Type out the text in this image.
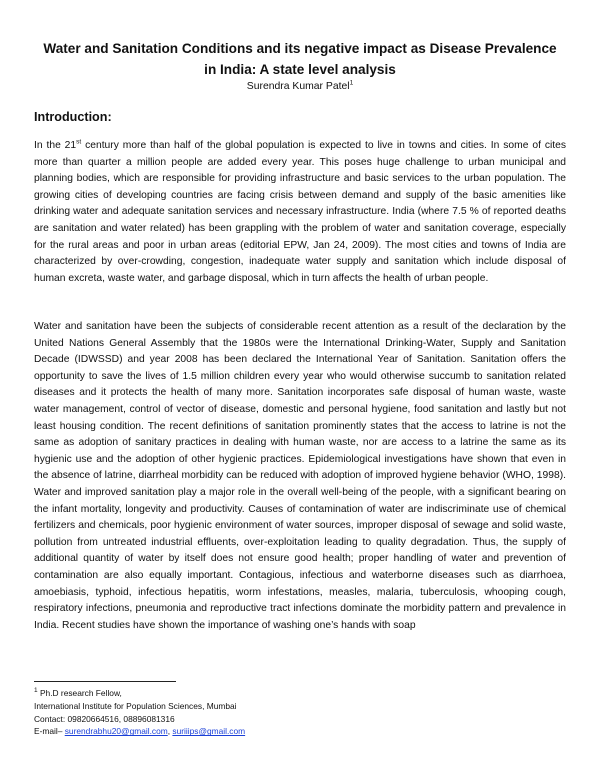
Water and Sanitation Conditions and its negative impact as Disease Prevalence
in India: A state level analysis
Surendra Kumar Patel$^1$
Introduction:

In the 21st century more than half of the global population is expected to live in towns and cities. In some of cites more than quarter a million people are added every year. This poses huge challenge to urban municipal and planning bodies, which are responsible for providing infrastructure and basic services to the urban population. The growing cities of developing countries are facing crisis between demand and supply of the basic amenities like drinking water and adequate sanitation services and necessary infrastructure. India (where 7.5 % of reported deaths are sanitation and water related) has been grappling with the problem of water and sanitation coverage, especially for the rural areas and poor in urban areas (editorial EPW, Jan 24, 2009). The most cities and towns of India are characterized by over-crowding, congestion, inadequate water supply and sanitation which include disposal of human excreta, waste water, and garbage disposal, which in turn affects the health of urban people.

Water and sanitation have been the subjects of considerable recent attention as a result of the declaration by the United Nations General Assembly that the 1980s were the International Drinking-Water, Supply and Sanitation Decade (IDWSSD) and year 2008 has been declared the International Year of Sanitation. Sanitation offers the opportunity to save the lives of 1.5 million children every year who would otherwise succumb to sanitation related diseases and it protects the health of many more. Sanitation incorporates safe disposal of human waste, waste water management, control of vector of disease, domestic and personal hygiene, food sanitation and lastly but not least housing condition. The recent definitions of sanitation prominently states that the access to latrine is not the same as adoption of sanitary practices in dealing with human waste, nor are access to a latrine the same as its hygienic use and the adoption of other hygienic practices. Epidemiological investigations have shown that even in the absence of latrine, diarrheal morbidity can be reduced with adoption of improved hygiene behavior (WHO, 1998). Water and improved sanitation play a major role in the overall well-being of the people, with a significant bearing on the infant mortality, longevity and productivity. Causes of contamination of water are indiscriminate use of chemical fertilizers and chemicals, poor hygienic environment of water sources, improper disposal of sewage and solid waste, pollution from untreated industrial effluents, over-exploitation leading to quality degradation. Thus, the supply of additional quantity of water by itself does not ensure good health; proper handling of water and prevention of contamination are also equally important. Contagious, infectious and waterborne diseases such as diarrhoea, amoebiasis, typhoid, infectious hepatitis, worm infestations, measles, malaria, tuberculosis, whooping cough, respiratory infections, pneumonia and reproductive tract infections dominate the morbidity pattern and prevalence in India. Recent studies have shown the importance of washing one’s hands with soap

$^1$ Ph.D research Fellow,
International Institute for Population Sciences, Mumbai
Contact: 09820664516, 08896081316
E-mail– surendrabhu20@gmail.com, suriiips@gmail.com
